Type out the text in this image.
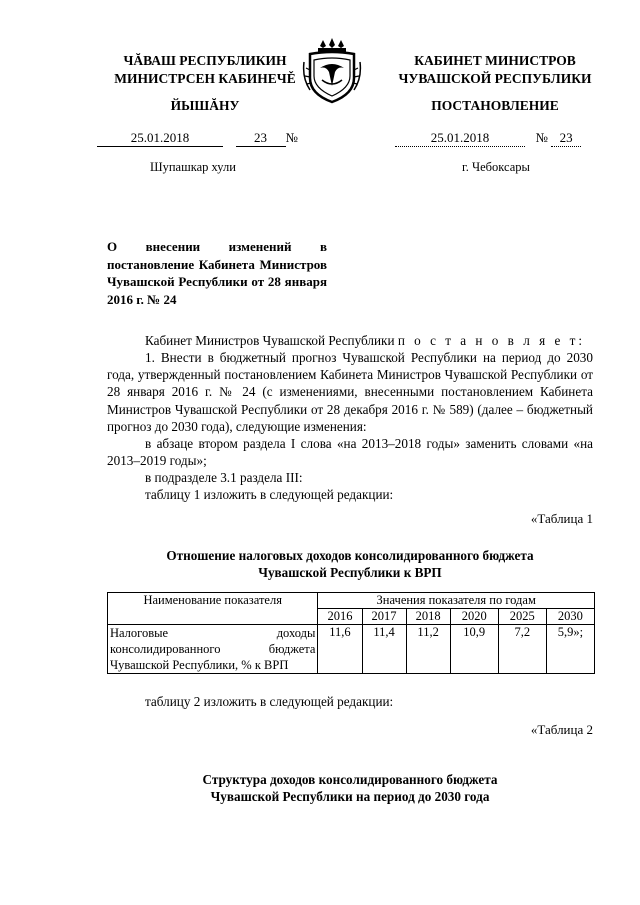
ЧĂВАШ РЕСПУБЛИКИН
МИНИСТРСЕН КАБИНЕЧĚ
ЙЫШĂНУ
КАБИНЕТ МИНИСТРОВ
ЧУВАШСКОЙ РЕСПУБЛИКИ
ПОСТАНОВЛЕНИЕ
25.01.2018	23 №	25.01.2018	№ 23
Шупашкар хули	г. Чебоксары
О внесении изменений в постановление Кабинета Министров Чувашской Республики от 28 января 2016 г. № 24
Кабинет Министров Чувашской Республики п о с т а н о в л я е т:
1. Внести в бюджетный прогноз Чувашской Республики на период до 2030 года, утвержденный постановлением Кабинета Министров Чувашской Республики от 28 января 2016 г. № 24 (с изменениями, внесенными постановлением Кабинета Министров Чувашской Республики от 28 декабря 2016 г. № 589) (далее – бюджетный прогноз до 2030 года), следующие изменения:
в абзаце втором раздела I слова «на 2013–2018 годы» заменить словами «на 2013–2019 годы»;
в подразделе 3.1 раздела III:
таблицу 1 изложить в следующей редакции:
«Таблица 1
Отношение налоговых доходов консолидированного бюджета
Чувашской Республики к ВРП
Наименование показателя	Значения показателя по годам					
	2016	2017	2018	2020	2025	2030
Налоговые доходы консолидированного бюджета Чувашской Республики, % к ВРП	11,6	11,4	11,2	10,9	7,2	5,9»;
таблицу 2 изложить в следующей редакции:
«Таблица 2
Структура доходов консолидированного бюджета
Чувашской Республики на период до 2030 года
